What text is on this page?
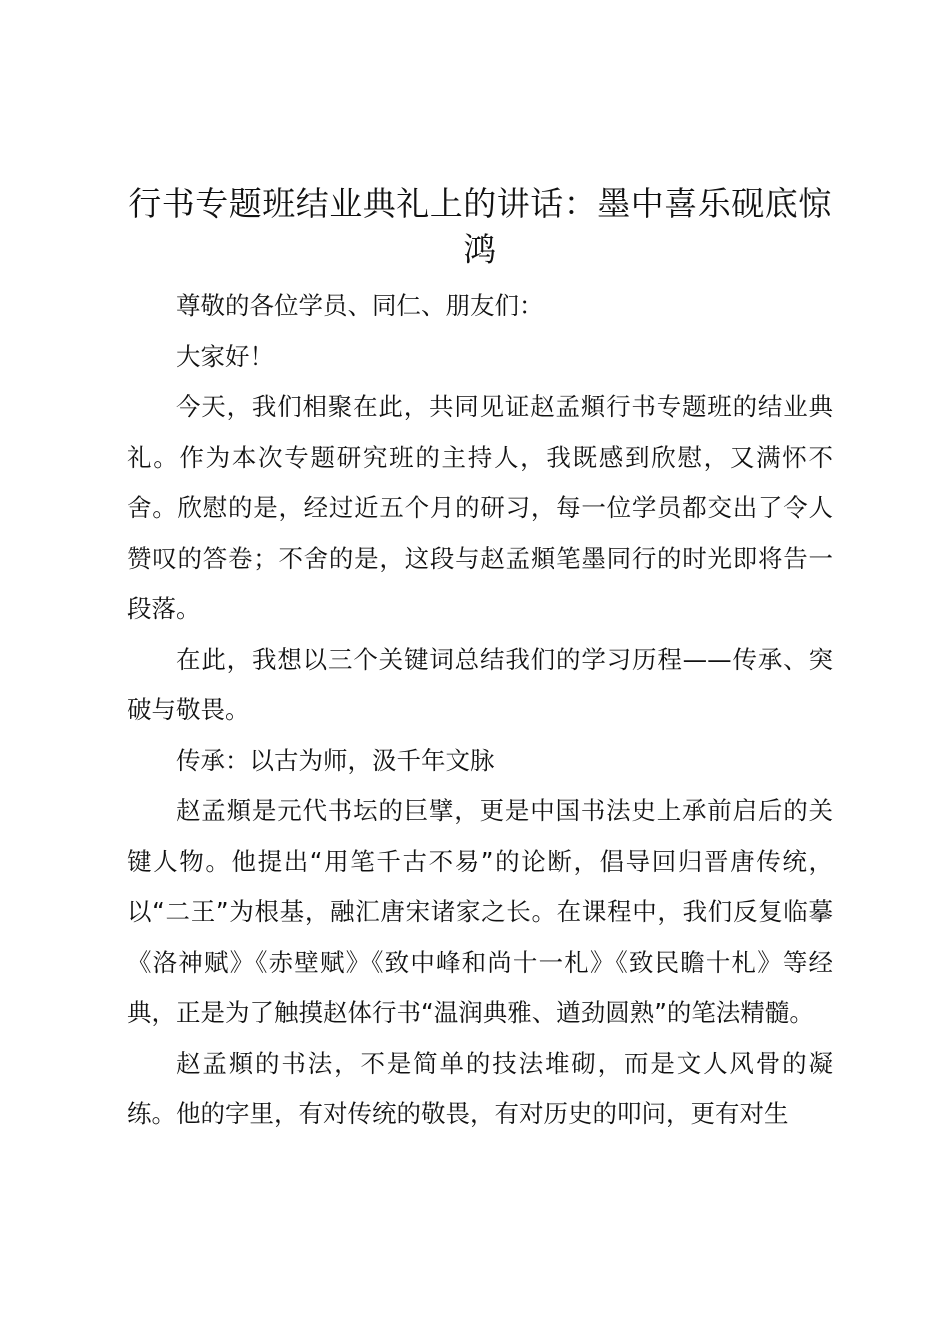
行书专题班结业典礼上的讲话：墨中喜乐砚底惊鸿

尊敬的各位学员、同仁、朋友们：

大家好！

今天，我们相聚在此，共同见证赵孟頫行书专题班的结业典礼。作为本次专题研究班的主持人，我既感到欣慰，又满怀不舍。欣慰的是，经过近五个月的研习，每一位学员都交出了令人赞叹的答卷；不舍的是，这段与赵孟頫笔墨同行的时光即将告一段落。

在此，我想以三个关键词总结我们的学习历程——传承、突破与敬畏。

传承：以古为师，汲千年文脉

赵孟頫是元代书坛的巨擘，更是中国书法史上承前启后的关键人物。他提出“用笔千古不易”的论断，倡导回归晋唐传统，以“二王”为根基，融汇唐宋诸家之长。在课程中，我们反复临摹《洛神赋》《赤壁赋》《致中峰和尚十一札》《致民瞻十札》等经典，正是为了触摸赵体行书“温润典雅、遒劲圆熟”的笔法精髓。

赵孟頫的书法，不是简单的技法堆砌，而是文人风骨的凝练。他的字里，有对传统的敬畏，有对历史的叩问，更有对生
